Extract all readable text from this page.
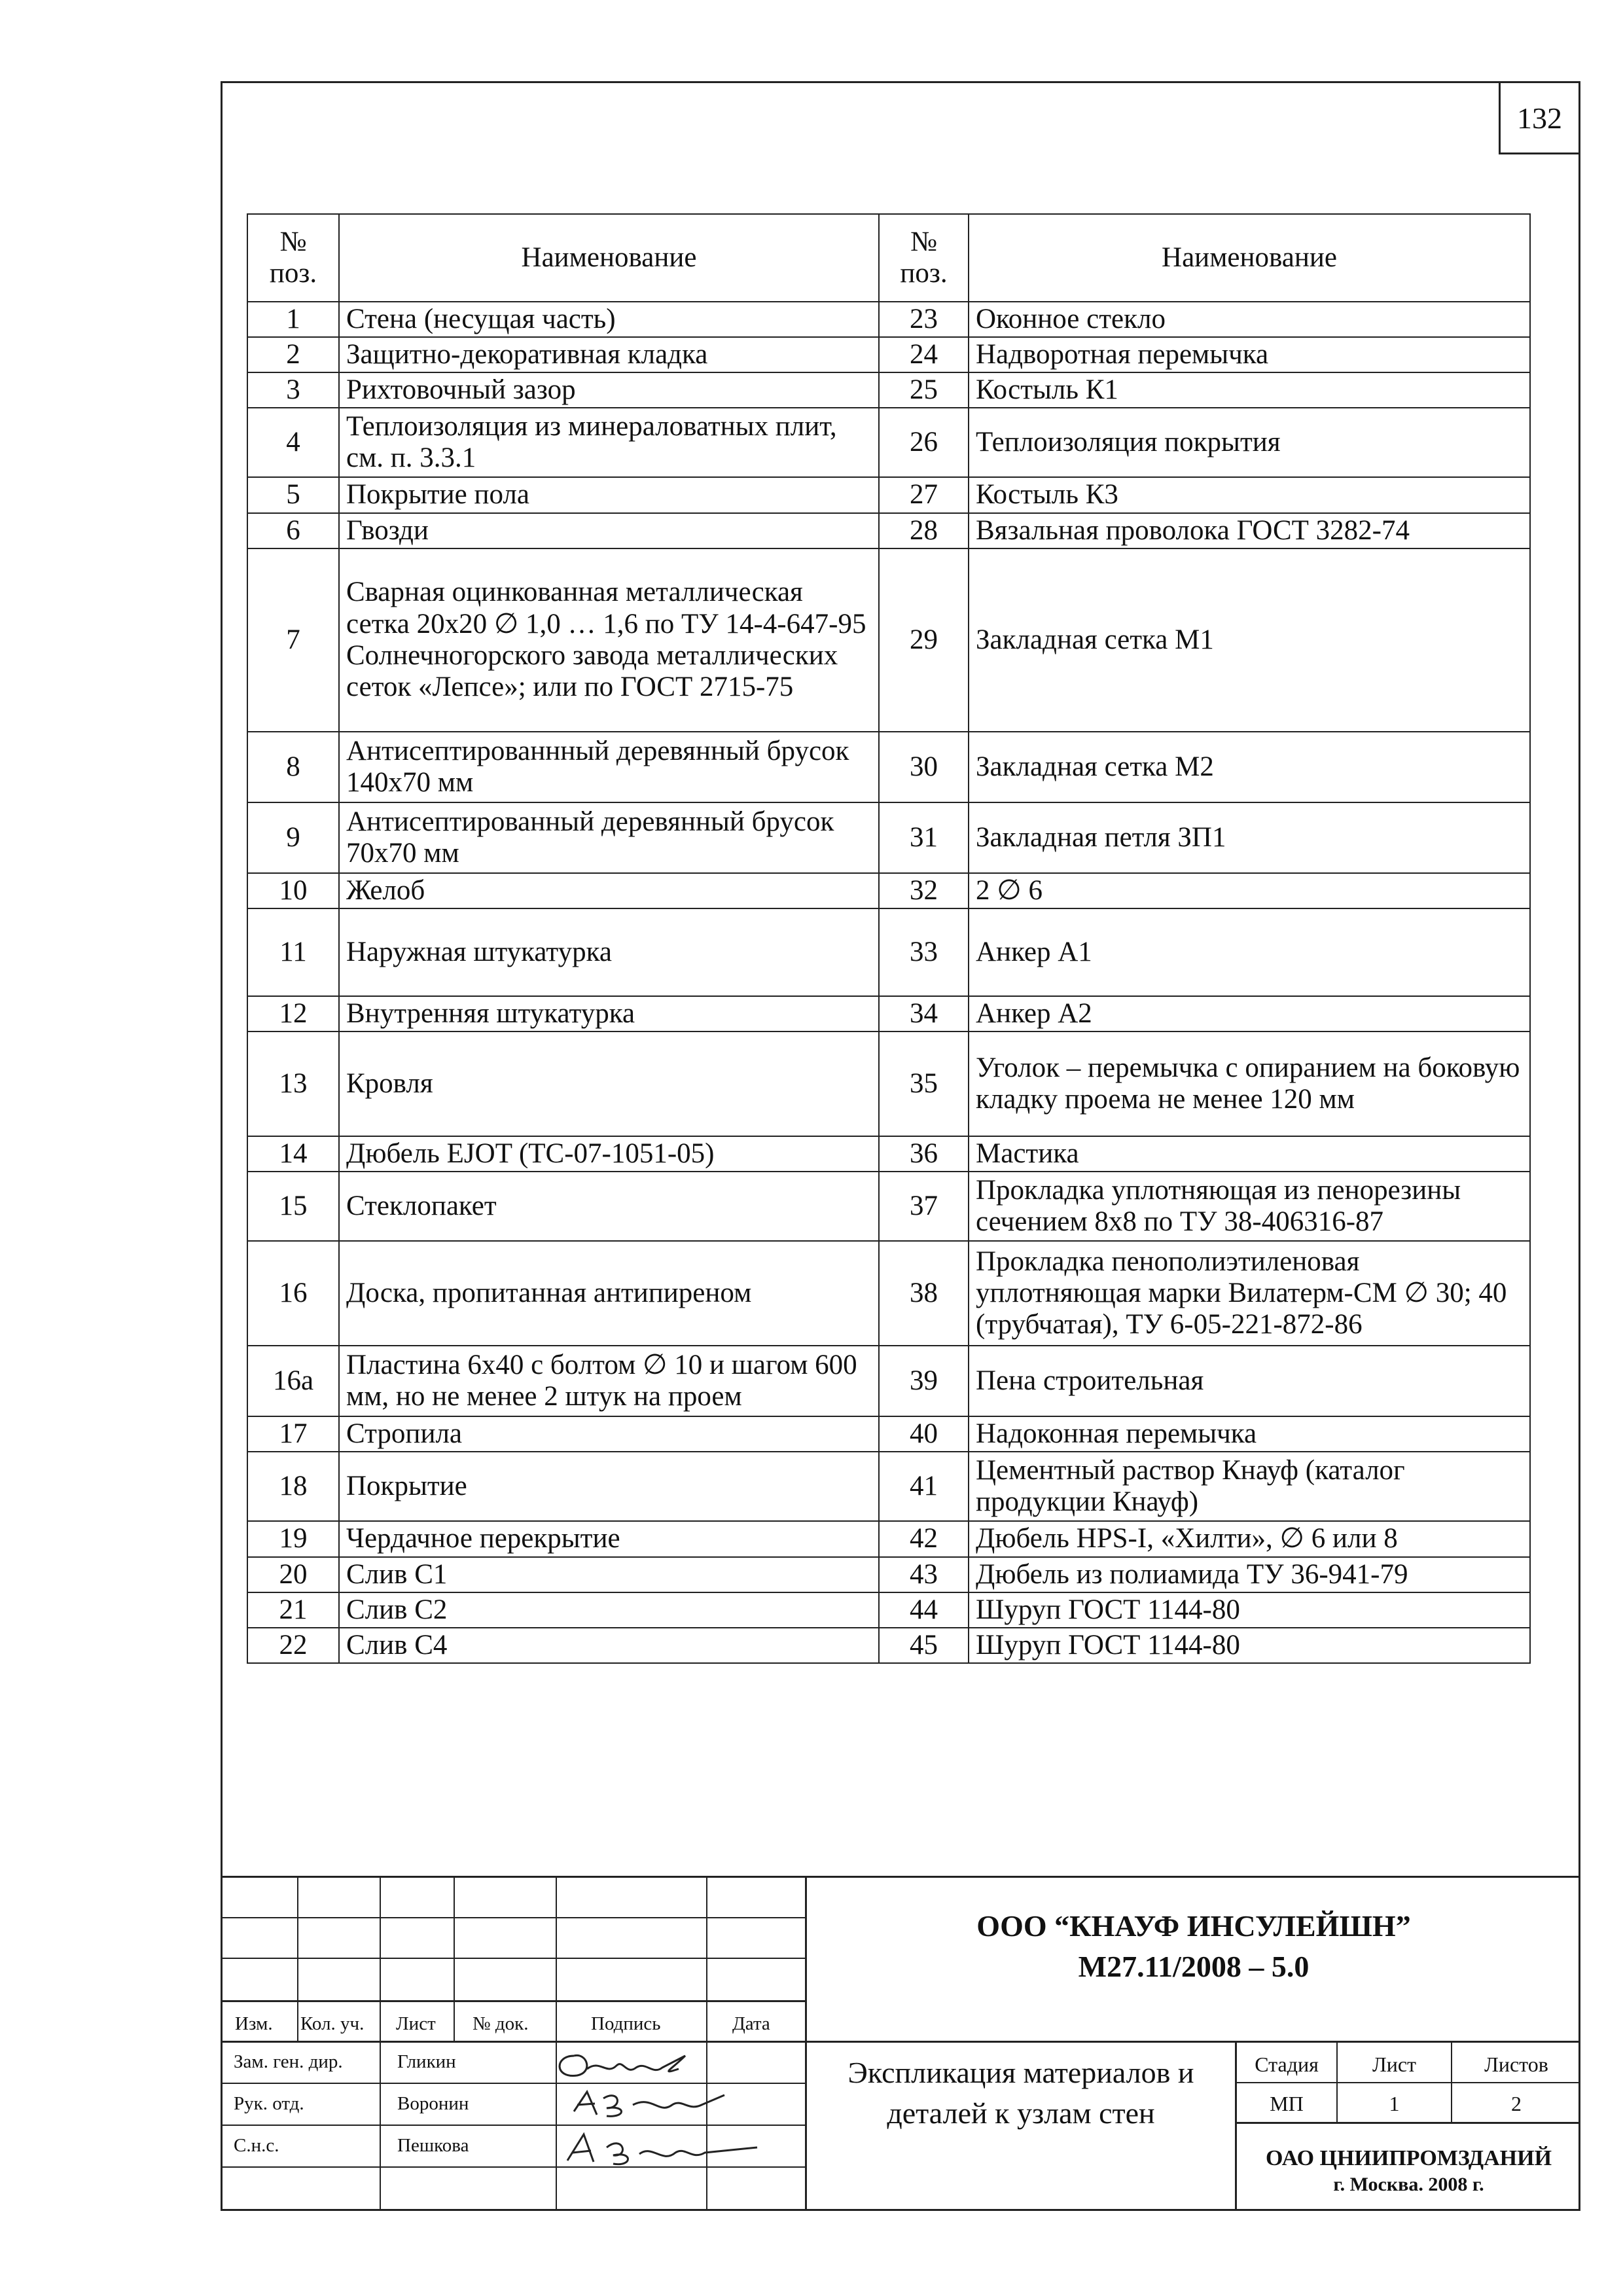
132
№ поз.	Наименование	№ поз.	Наименование
1	Стена (несущая часть)	23	Оконное стекло
2	Защитно-декоративная кладка	24	Надворотная перемычка
3	Рихтовочный зазор	25	Костыль К1
4	Теплоизоляция из минераловатных плит, см. п. 3.3.1	26	Теплоизоляция покрытия
5	Покрытие пола	27	Костыль К3
6	Гвозди	28	Вязальная проволока ГОСТ 3282-74
7	Сварная оцинкованная металлическая сетка 20х20 ∅ 1,0 … 1,6 по ТУ 14-4-647-95 Солнечногорского завода металлических сеток «Лепсе»; или по ГОСТ 2715-75	29	Закладная сетка М1
8	Антисептированнный деревянный брусок 140х70 мм	30	Закладная сетка М2
9	Антисептированный деревянный брусок 70х70 мм	31	Закладная петля ЗП1
10	Желоб	32	2 ∅ 6
11	Наружная штукатурка	33	Анкер А1
12	Внутренняя штукатурка	34	Анкер А2
13	Кровля	35	Уголок – перемычка с опиранием на боковую кладку проема не менее 120 мм
14	Дюбель EJOT (ТС-07-1051-05)	36	Мастика
15	Стеклопакет	37	Прокладка уплотняющая из пенорезины сечением 8х8 по ТУ 38-406316-87
16	Доска, пропитанная антипиреном	38	Прокладка пенополиэтиленовая уплотняющая марки Вилатерм-СМ ∅ 30; 40 (трубчатая), ТУ 6-05-221-872-86
16а	Пластина 6х40 с болтом ∅ 10 и шагом 600 мм, но не менее 2 штук на проем	39	Пена строительная
17	Стропила	40	Надоконная перемычка
18	Покрытие	41	Цементный раствор Кнауф (каталог продукции Кнауф)
19	Чердачное перекрытие	42	Дюбель HPS-I, «Хилти», ∅ 6 или 8
20	Слив С1	43	Дюбель из полиамида ТУ 36-941-79
21	Слив С2	44	Шуруп ГОСТ 1144-80
22	Слив С4	45	Шуруп ГОСТ 1144-80
Изм. Кол. уч. Лист № док.	Подпись	Дата
ООО “КНАУФ ИНСУЛЕЙШН”
М27.11/2008 – 5.0
Зам. ген. дир.	Гликин
Рук. отд.	Воронин
С.н.с.	Пешкова
Экспликация материалов и деталей к узлам стен
Стадия	Лист	Листов
МП	1	2
ОАО ЦНИИПРОМЗДАНИЙ
г. Москва. 2008 г.
